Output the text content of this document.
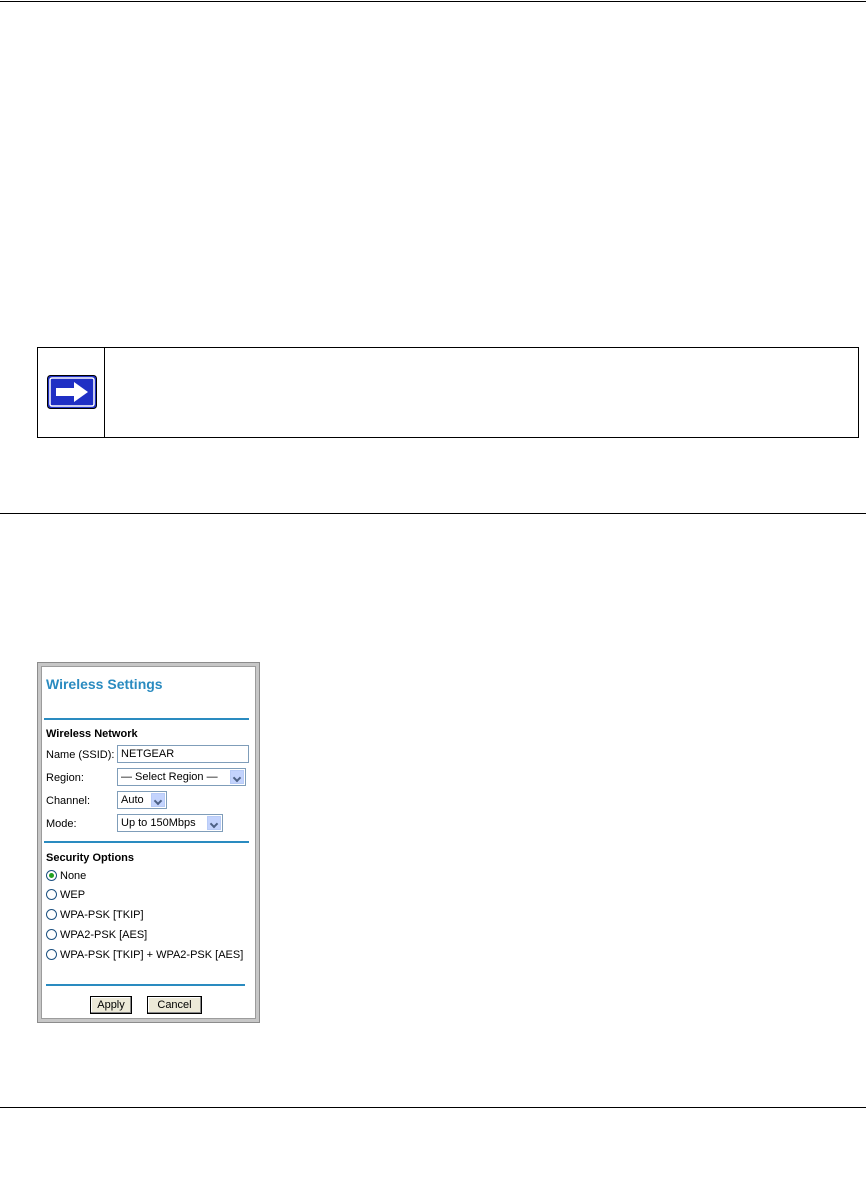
Wireless Settings
Wireless Network
Name (SSID): NETGEAR
Region:	— Select Region —
Channel:	Auto
Mode:	Up to 150Mbps
Security Options
None
WEP
WPA-PSK [TKIP]
WPA2-PSK [AES]
WPA-PSK [TKIP] + WPA2-PSK [AES]
Apply	Cancel
